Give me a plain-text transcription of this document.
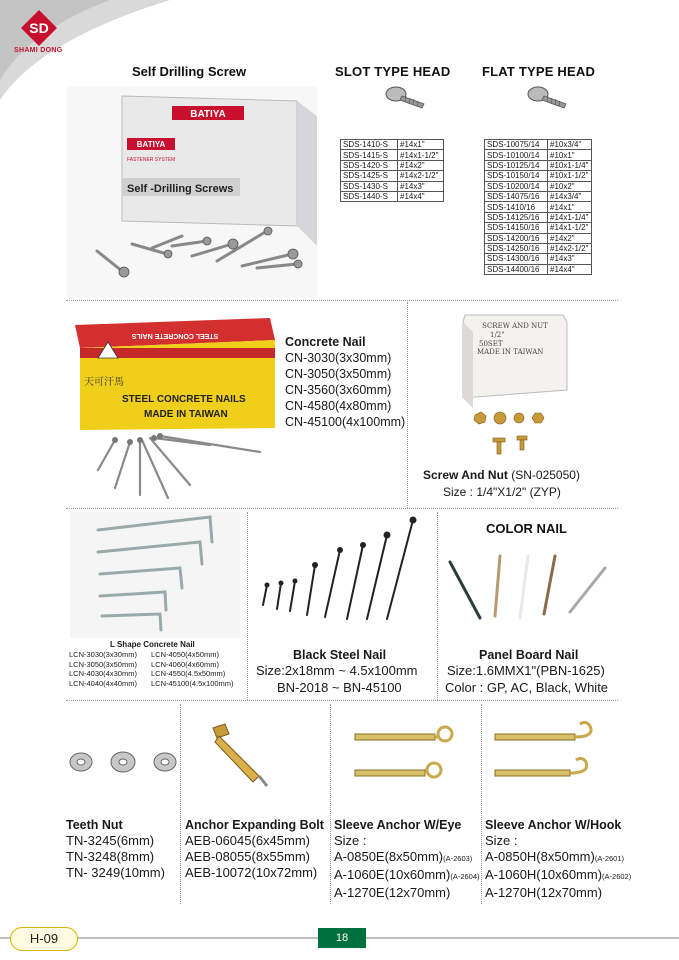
SD
SHAMI DONG
Self Drilling Screw	SLOT TYPE HEAD FLAT TYPE HEAD
BATIYA
BATIYA
FASTENER SYSTEM
Self -Drilling Screws
SDS-1410-S	#14x1"
SDS-1415-S	#14x1-1/2"
SDS-1420-S	#14x2"
SDS-1425-S	#14x2-1/2"
SDS-1430-S	#14x3"
SDS-1440-S	#14x4"
SDS-10075/14	#10x3/4"
SDS-10100/14	#10x1"
SDS-10125/14	#10x1-1/4"
SDS-10150/14	#10x1-1/2"
SDS-10200/14	#10x2"
SDS-14075/16	#14x3/4"
SDS-1410/16	#14x1"
SDS-14125/16	#14x1-1/4"
SDS-14150/16	#14x1-1/2"
SDS-14200/16	#14x2"
SDS-14250/16	#14x2-1/2"
SDS-14300/16	#14x3"
SDS-14400/16	#14x4"
STEEL CONCRETE NAILS
天可汗馬
STEEL CONCRETE NAILS
MADE IN TAIWAN
Concrete Nail
CN-3030(3x30mm)
CN-3050(3x50mm)
CN-3560(3x60mm)
CN-4580(4x80mm)
CN-45100(4x100mm)
SCREW AND NUT
1/2"
50SET
MADE IN TAIWAN
Screw And Nut (SN-025050)
Size : 1/4"X1/2" (ZYP)
L Shape Concrete Nail
LCN-3030(3x30mm) LCN-4050(4x50mm)
LCN-3050(3x50mm) LCN-4060(4x60mm)
LCN-4030(4x30mm) LCN-4550(4.5x50mm)
LCN-4040(4x40mm) LCN-45100(4.5x100mm)
Black Steel Nail
Size:2x18mm ~ 4.5x100mm
BN-2018 ~ BN-45100
COLOR NAIL
Panel Board Nail
Size:1.6MMX1"(PBN-1625)
Color : GP, AC, Black, White
Teeth Nut
TN-3245(6mm)
TN-3248(8mm)
TN- 3249(10mm)
Anchor Expanding Bolt
AEB-06045(6x45mm)
AEB-08055(8x55mm)
AEB-10072(10x72mm)
Sleeve Anchor W/Eye
Size :
A-0850E(8x50mm)(A-2603)
A-1060E(10x60mm)(A-2604)
A-1270E(12x70mm)
Sleeve Anchor W/Hook
Size :
A-0850H(8x50mm)(A-2601)
A-1060H(10x60mm)(A-2602)
A-1270H(12x70mm)
H-09	18
